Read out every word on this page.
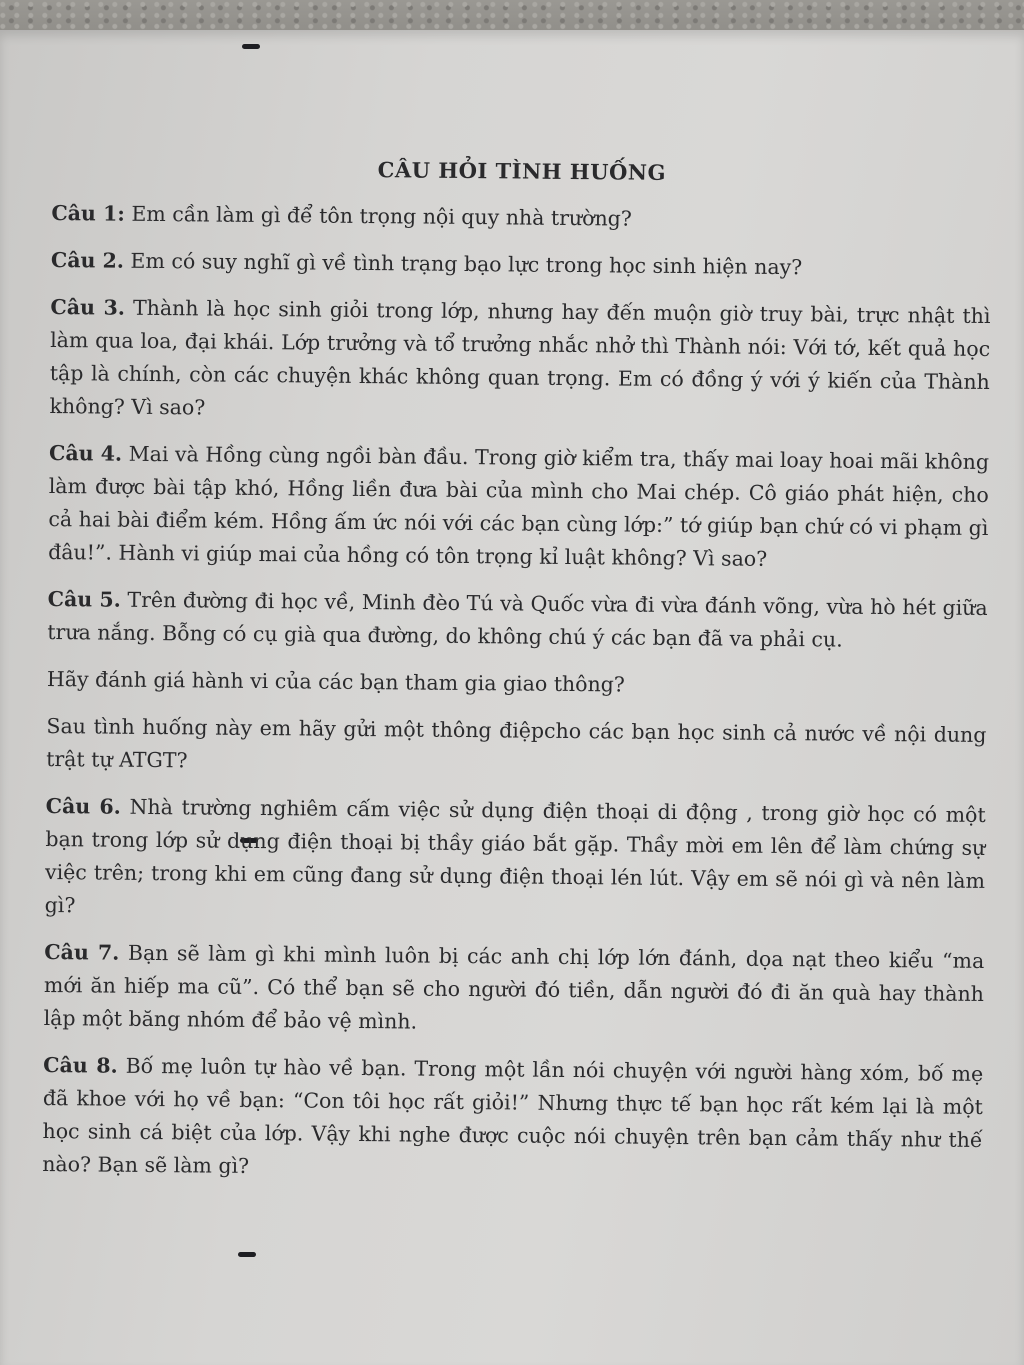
CÂU HỎI TÌNH HUỐNG
Câu 1: Em cần làm gì để tôn trọng nội quy nhà trường?
Câu 2. Em có suy nghĩ gì về tình trạng bạo lực trong học sinh hiện nay?
Câu 3. Thành là học sinh giỏi trong lớp, nhưng hay đến muộn giờ truy bài, trực nhật thì làm qua loa, đại khái. Lớp trưởng và tổ trưởng nhắc nhở thì Thành nói: Với tớ, kết quả học tập là chính, còn các chuyện khác không quan trọng. Em có đồng ý với ý kiến của Thành không? Vì sao?
Câu 4. Mai và Hồng cùng ngồi bàn đầu. Trong giờ kiểm tra, thấy mai loay hoai mãi không làm được bài tập khó, Hồng liền đưa bài của mình cho Mai chép. Cô giáo phát hiện, cho cả hai bài điểm kém. Hồng ấm ức nói với các bạn cùng lớp:” tớ giúp bạn chứ có vi phạm gì đâu!”. Hành vi giúp mai của hồng có tôn trọng kỉ luật không? Vì sao?
Câu 5. Trên đường đi học về, Minh đèo Tú và Quốc vừa đi vừa đánh võng, vừa hò hét giữa trưa nắng. Bỗng có cụ già qua đường, do không chú ý các bạn đã va phải cụ.
Hãy đánh giá hành vi của các bạn tham gia giao thông?
Sau tình huống này em hãy gửi một thông điệpcho các bạn học sinh cả nước về nội dung trật tự ATGT?
Câu 6. Nhà trường nghiêm cấm việc sử dụng điện thoại di động , trong giờ học có một bạn trong lớp sử dụng điện thoại bị thầy giáo bắt gặp. Thầy mời em lên để làm chứng sự việc trên; trong khi em cũng đang sử dụng điện thoại lén lút. Vậy em sẽ nói gì và nên làm gì?
Câu 7. Bạn sẽ làm gì khi mình luôn bị các anh chị lớp lớn đánh, dọa nạt theo kiểu “ma mới ăn hiếp ma cũ”. Có thể bạn sẽ cho người đó tiền, dẫn người đó đi ăn quà hay thành lập một băng nhóm để bảo vệ mình.
Câu 8. Bố mẹ luôn tự hào về bạn. Trong một lần nói chuyện với người hàng xóm, bố mẹ đã khoe với họ về bạn: “Con tôi học rất giỏi!” Nhưng thực tế bạn học rất kém lại là một học sinh cá biệt của lớp. Vậy khi nghe được cuộc nói chuyện trên bạn cảm thấy như thế nào? Bạn sẽ làm gì?
